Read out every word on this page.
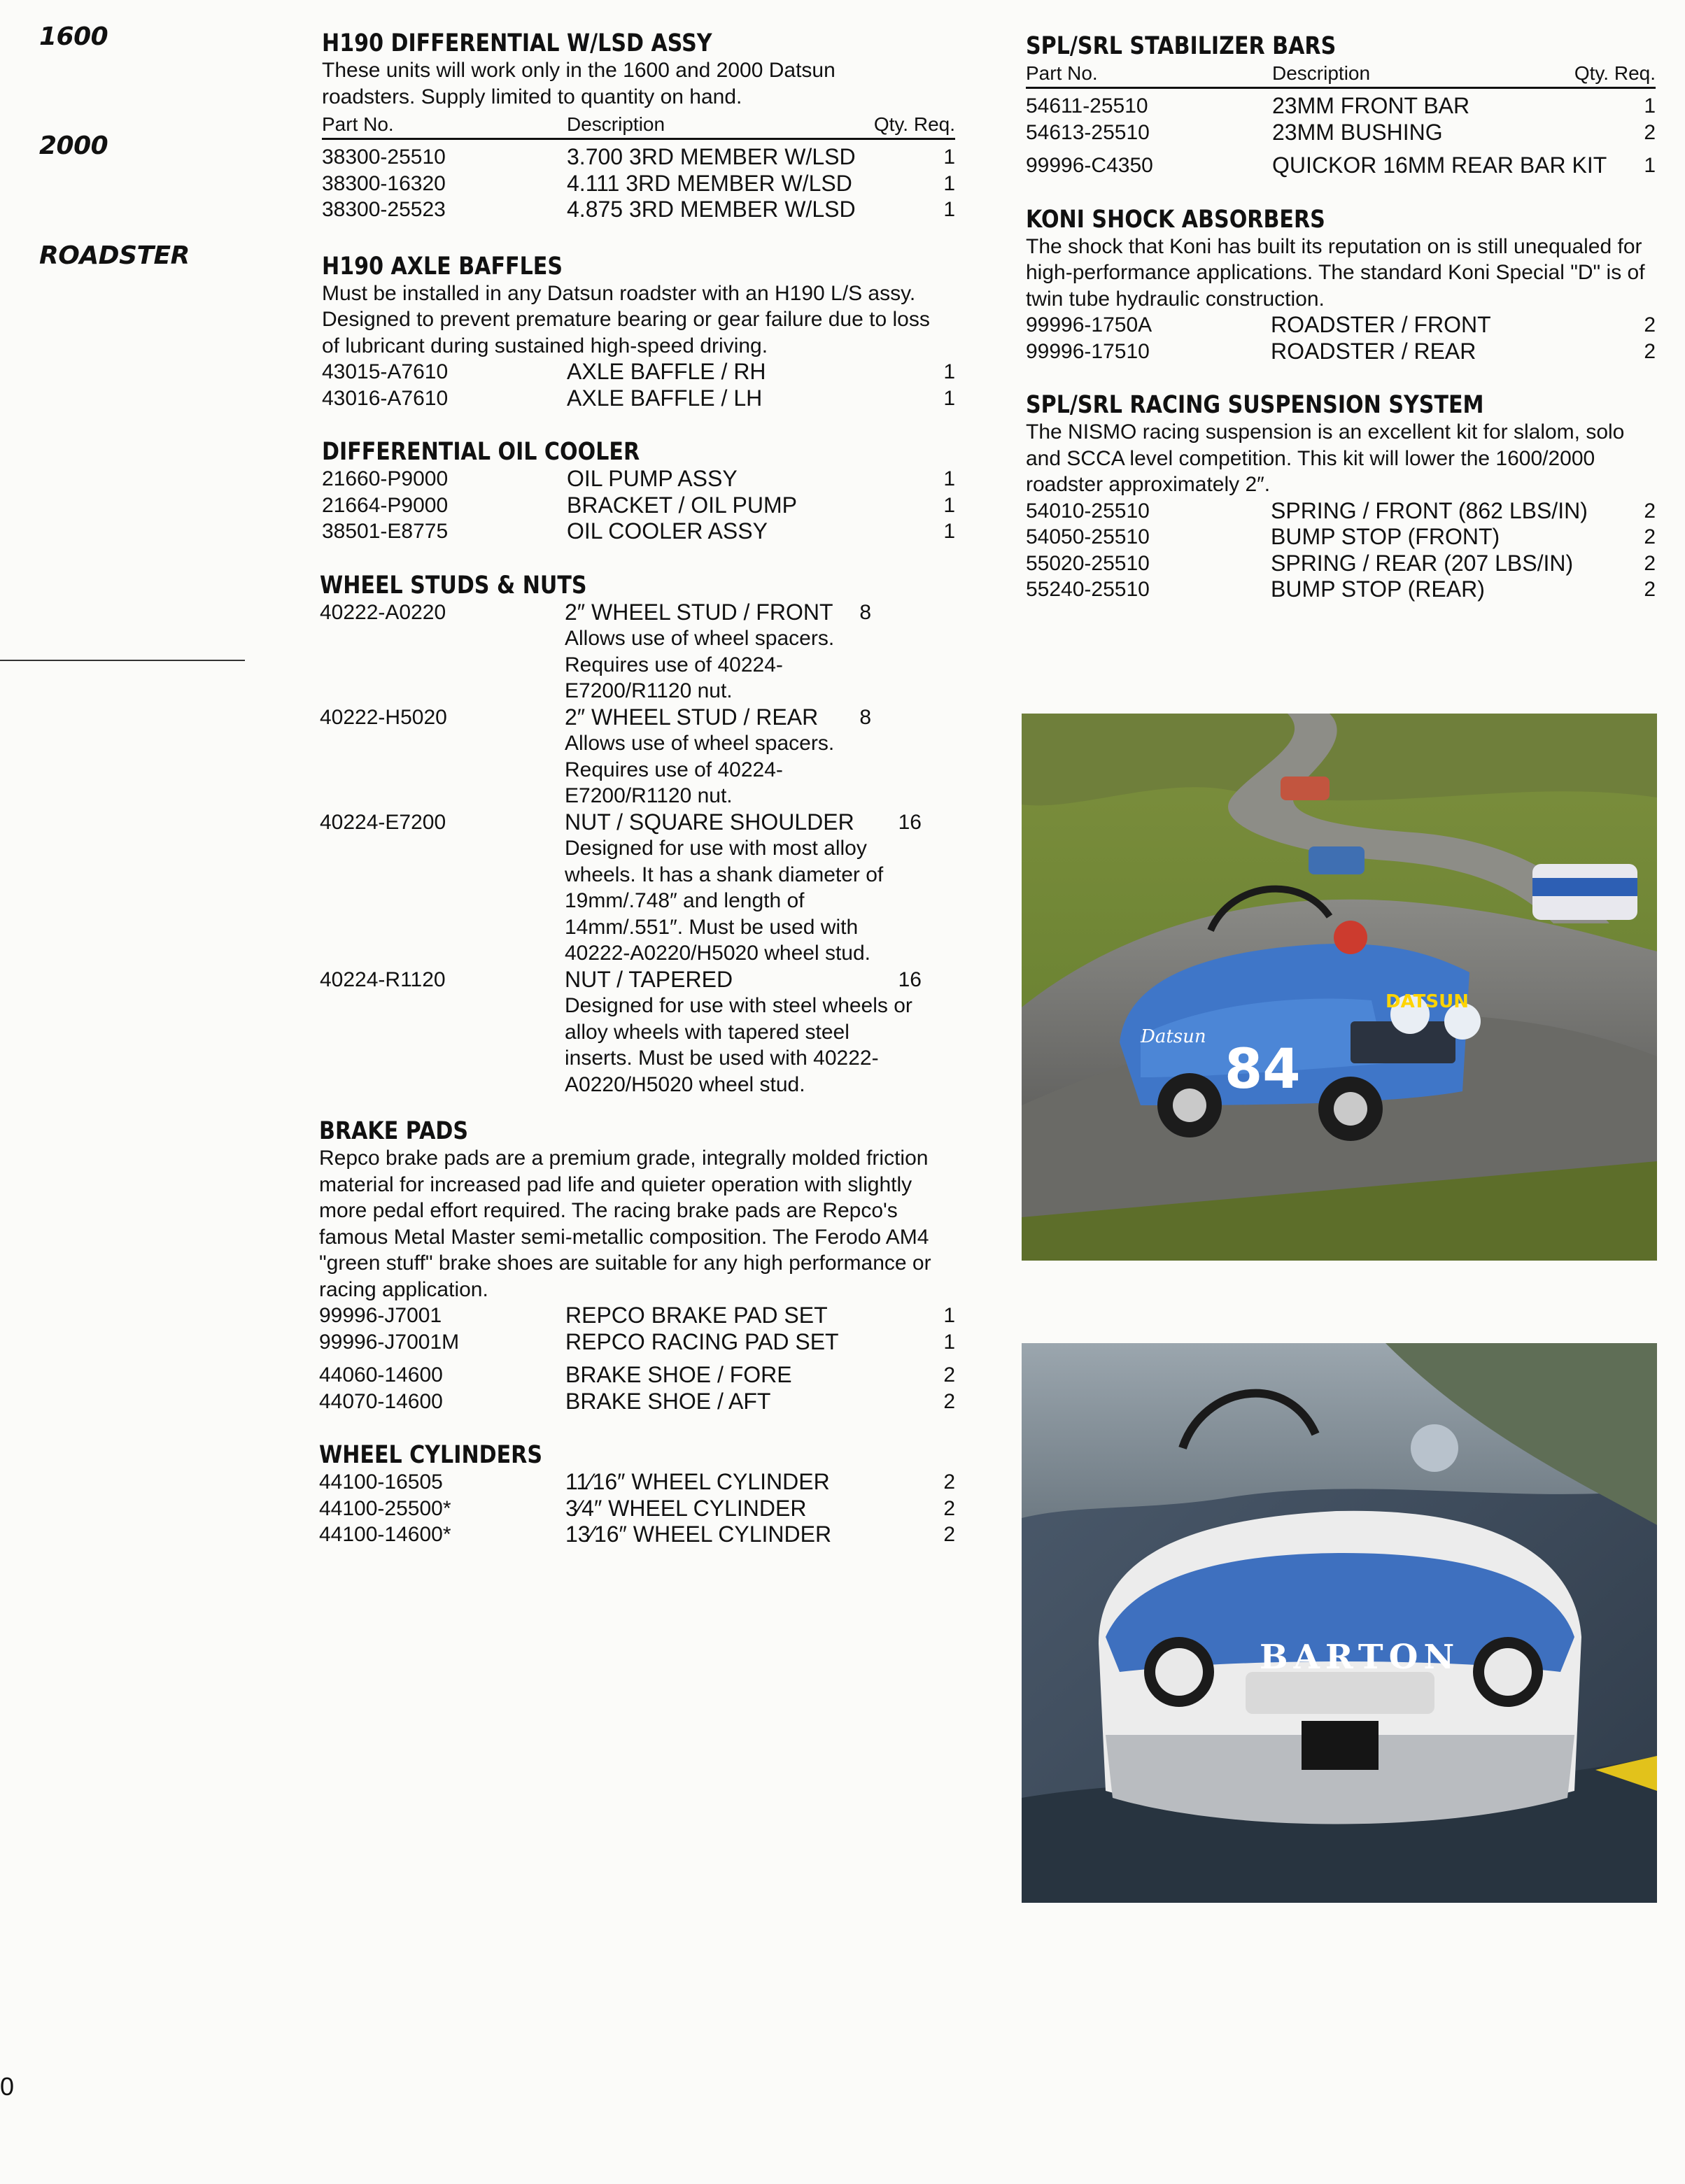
1600
2000
ROADSTER
0
H190 DIFFERENTIAL W/LSD ASSY
These units will work only in the 1600 and 2000 Datsun roadsters. Supply limited to quantity on hand.
Part No.	Description	Qty. Req.
38300-25510	3.700 3RD MEMBER W/LSD	1
38300-16320	4.111 3RD MEMBER W/LSD	1
38300-25523	4.875 3RD MEMBER W/LSD	1
H190 AXLE BAFFLES
Must be installed in any Datsun roadster with an H190 L/S assy. Designed to prevent premature bearing or gear failure due to loss of lubricant during sustained high-speed driving.
43015-A7610	AXLE BAFFLE / RH	1
43016-A7610	AXLE BAFFLE / LH	1
DIFFERENTIAL OIL COOLER
21660-P9000	OIL PUMP ASSY	1
21664-P9000	BRACKET / OIL PUMP	1
38501-E8775	OIL COOLER ASSY	1
WHEEL STUDS & NUTS
40222-A0220	2″ WHEEL STUD / FRONT 8
Allows use of wheel spacers. Requires use of 40224-E7200/R1120 nut.
40222-H5020	2″ WHEEL STUD / REAR 8
Allows use of wheel spacers. Requires use of 40224-E7200/R1120 nut.
40224-E7200	NUT / SQUARE SHOULDER 16
Designed for use with most alloy wheels. It has a shank diameter of 19mm/.748″ and length of 14mm/.551″. Must be used with 40222-A0220/H5020 wheel stud.
40224-R1120	NUT / TAPERED	16
Designed for use with steel wheels or alloy wheels with tapered steel inserts. Must be used with 40222-A0220/H5020 wheel stud.
BRAKE PADS
Repco brake pads are a premium grade, integrally molded friction material for increased pad life and quieter operation with slightly more pedal effort required. The racing brake pads are Repco's famous Metal Master semi-metallic composition. The Ferodo AM4 "green stuff" brake shoes are suitable for any high performance or racing application.
99996-J7001	REPCO BRAKE PAD SET	1
99996-J7001M	REPCO RACING PAD SET	1
44060-14600	BRAKE SHOE / FORE	2
44070-14600	BRAKE SHOE / AFT	2
WHEEL CYLINDERS
44100-16505	11⁄16″ WHEEL CYLINDER	2
44100-25500*	3⁄4″ WHEEL CYLINDER	2
44100-14600*	13⁄16″ WHEEL CYLINDER	2
SPL/SRL STABILIZER BARS
Part No.	Description	Qty. Req.
54611-25510	23MM FRONT BAR	1
54613-25510	23MM BUSHING	2
99996-C4350	QUICKOR 16MM REAR BAR KIT 1
KONI SHOCK ABSORBERS
The shock that Koni has built its reputation on is still unequaled for high-performance applications. The standard Koni Special "D" is of twin tube hydraulic construction.
99996-1750A	ROADSTER / FRONT	2
99996-17510	ROADSTER / REAR	2
SPL/SRL RACING SUSPENSION SYSTEM
The NISMO racing suspension is an excellent kit for slalom, solo and SCCA level competition. This kit will lower the 1600/2000 roadster approximately 2″.
54010-25510	SPRING / FRONT (862 LBS/IN)	2
54050-25510	BUMP STOP (FRONT)	2
55020-25510	SPRING / REAR (207 LBS/IN)	2
55240-25510	BUMP STOP (REAR)	2
84
Datsun
DATSUN
BARTON
